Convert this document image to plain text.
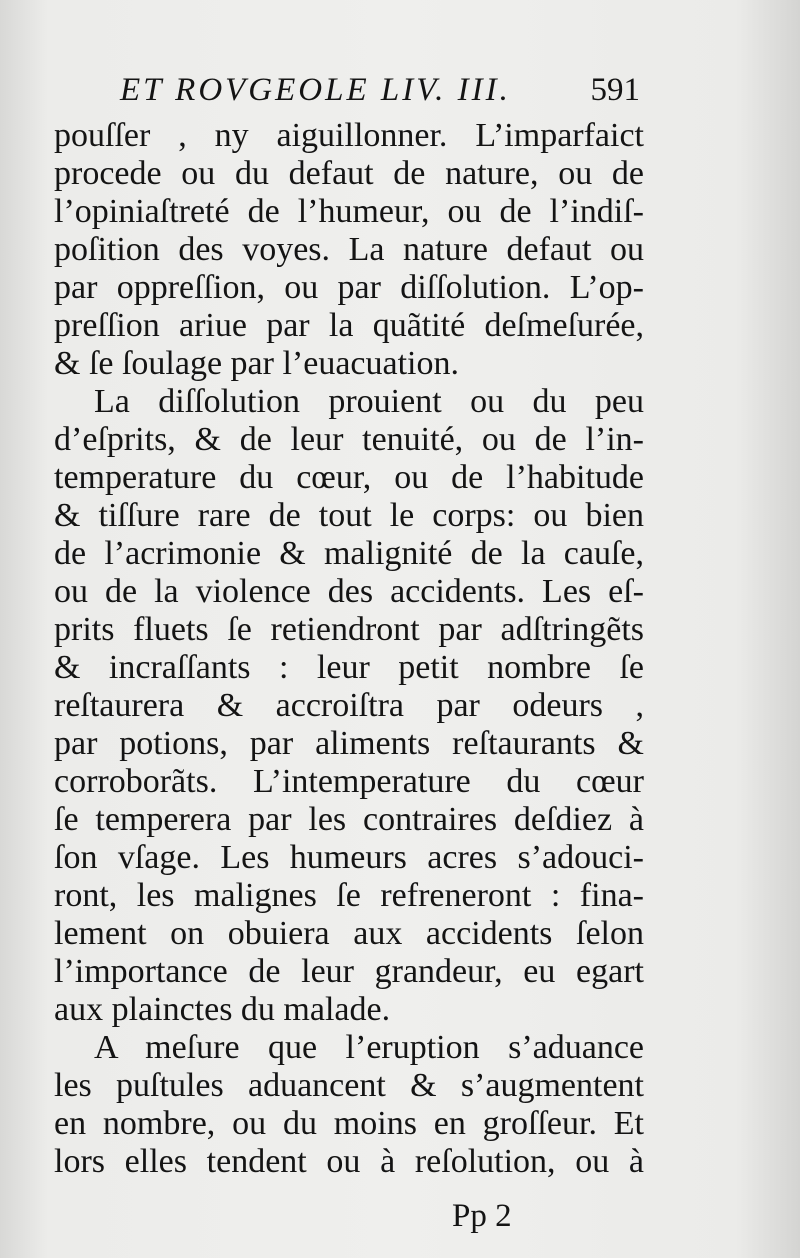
ET ROVGEOLE LIV. III. 591
pouſſer , ny aiguillonner. L’imparfaict
procede ou du defaut de nature, ou de
l’opiniaſtreté de l’humeur, ou de l’indiſ-
poſition des voyes. La nature defaut ou
par oppreſſion, ou par diſſolution. L’op-
preſſion ariue par la quãtité deſmeſurée,
& ſe ſoulage par l’euacuation.
La diſſolution prouient ou du peu
d’eſprits, & de leur tenuité, ou de l’in-
temperature du cœur, ou de l’habitude
& tiſſure rare de tout le corps: ou bien
de l’acrimonie & malignité de la cauſe,
ou de la violence des accidents. Les eſ-
prits fluets ſe retiendront par adſtringẽts
& incraſſants : leur petit nombre ſe
reſtaurera & accroiſtra par odeurs ,
par potions, par aliments reſtaurants &
corroborãts. L’intemperature du cœur
ſe temperera par les contraires deſdiez à
ſon vſage. Les humeurs acres s’adouci-
ront, les malignes ſe refreneront : fina-
lement on obuiera aux accidents ſelon
l’importance de leur grandeur, eu egart
aux plainctes du malade.
A meſure que l’eruption s’aduance
les puſtules aduancent & s’augmentent
en nombre, ou du moins en groſſeur. Et
lors elles tendent ou à reſolution, ou à
Pp 2
